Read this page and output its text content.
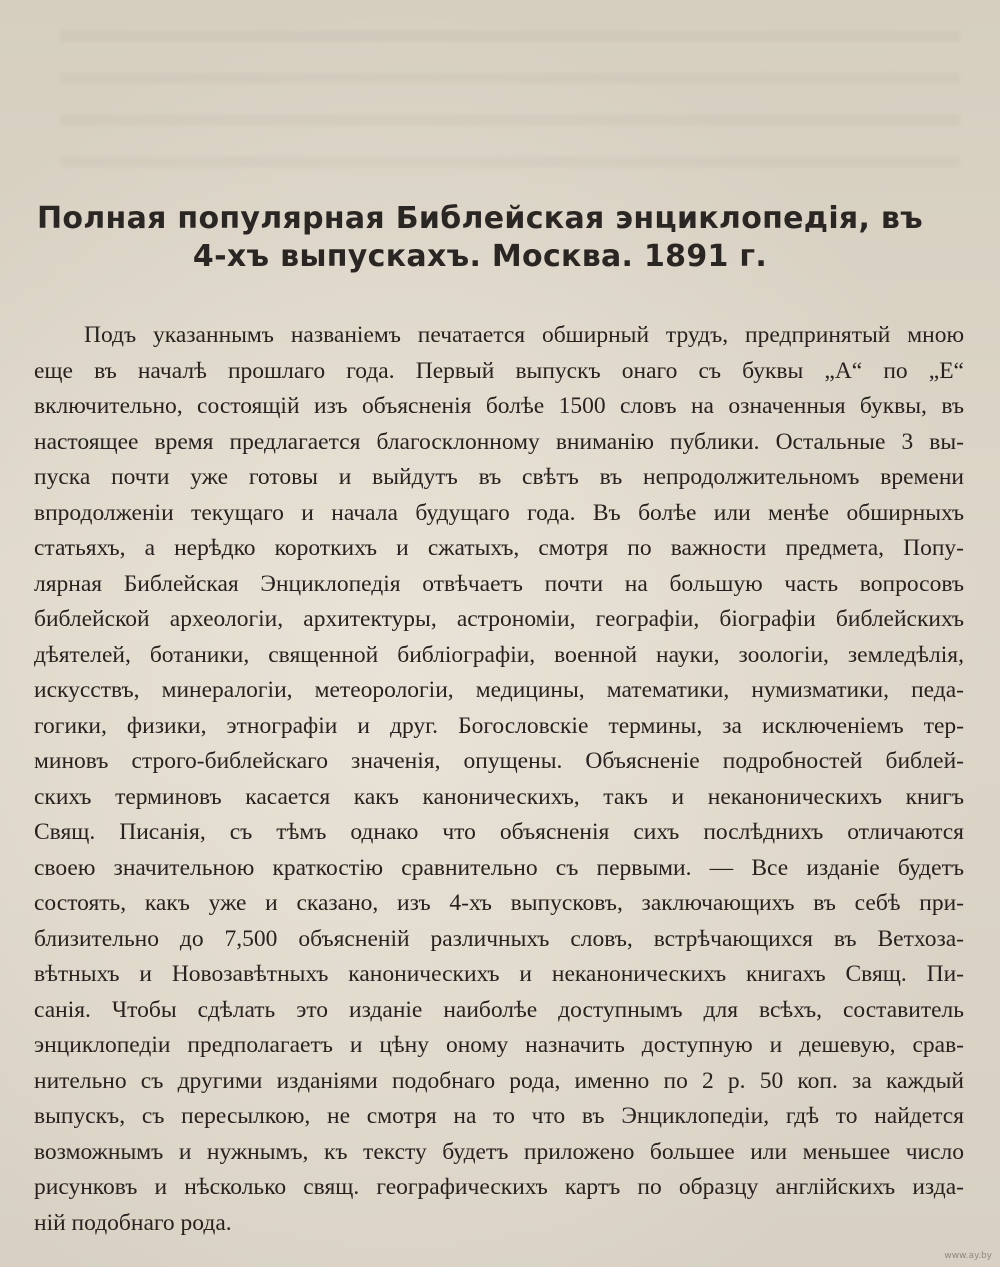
Полная популярная Библейская энциклопедія, въ
4-хъ выпускахъ. Москва. 1891 г.
Подъ указаннымъ названіемъ печатается обширный трудъ, предпринятый мною
еще въ началѣ прошлаго года. Первый выпускъ онаго съ буквы „А“ по „Е“
включительно, состоящій изъ объясненія болѣе 1500 словъ на означенныя буквы, въ
настоящее время предлагается благосклонному вниманію публики. Остальные 3 вы-
пуска почти уже готовы и выйдутъ въ свѣтъ въ непродолжительномъ времени
впродолженіи текущаго и начала будущаго года. Въ болѣе или менѣе обширныхъ
статьяхъ, а нерѣдко короткихъ и сжатыхъ, смотря по важности предмета, Попу-
лярная Библейская Энциклопедія отвѣчаетъ почти на большую часть вопросовъ
библейской археологіи, архитектуры, астрономіи, географіи, біографіи библейскихъ
дѣятелей, ботаники, священной библіографіи, военной науки, зоологіи, земледѣлія,
искусствъ, минералогіи, метеорологіи, медицины, математики, нумизматики, педа-
гогики, физики, этнографіи и друг. Богословскіе термины, за исключеніемъ тер-
миновъ строго-библейскаго значенія, опущены. Объясненіе подробностей библей-
скихъ терминовъ касается какъ каноническихъ, такъ и неканоническихъ книгъ
Свящ. Писанія, съ тѣмъ однако что объясненія сихъ послѣднихъ отличаются
своею значительною краткостію сравнительно съ первыми. — Все изданіе будетъ
состоять, какъ уже и сказано, изъ 4-хъ выпусковъ, заключающихъ въ себѣ при-
близительно до 7,500 объясненій различныхъ словъ, встрѣчающихся въ Ветхоза-
вѣтныхъ и Новозавѣтныхъ каноническихъ и неканоническихъ книгахъ Свящ. Пи-
санія. Чтобы сдѣлать это изданіе наиболѣе доступнымъ для всѣхъ, составитель
энциклопедіи предполагаетъ и цѣну оному назначить доступную и дешевую, срав-
нительно съ другими изданіями подобнаго рода, именно по 2 р. 50 коп. за каждый
выпускъ, съ пересылкою, не смотря на то что въ Энциклопедіи, гдѣ то найдется
возможнымъ и нужнымъ, къ тексту будетъ приложено большее или меньшее число
рисунковъ и нѣсколько свящ. географическихъ картъ по образцу англійскихъ изда-
ній подобнаго рода.
www.ay.by
